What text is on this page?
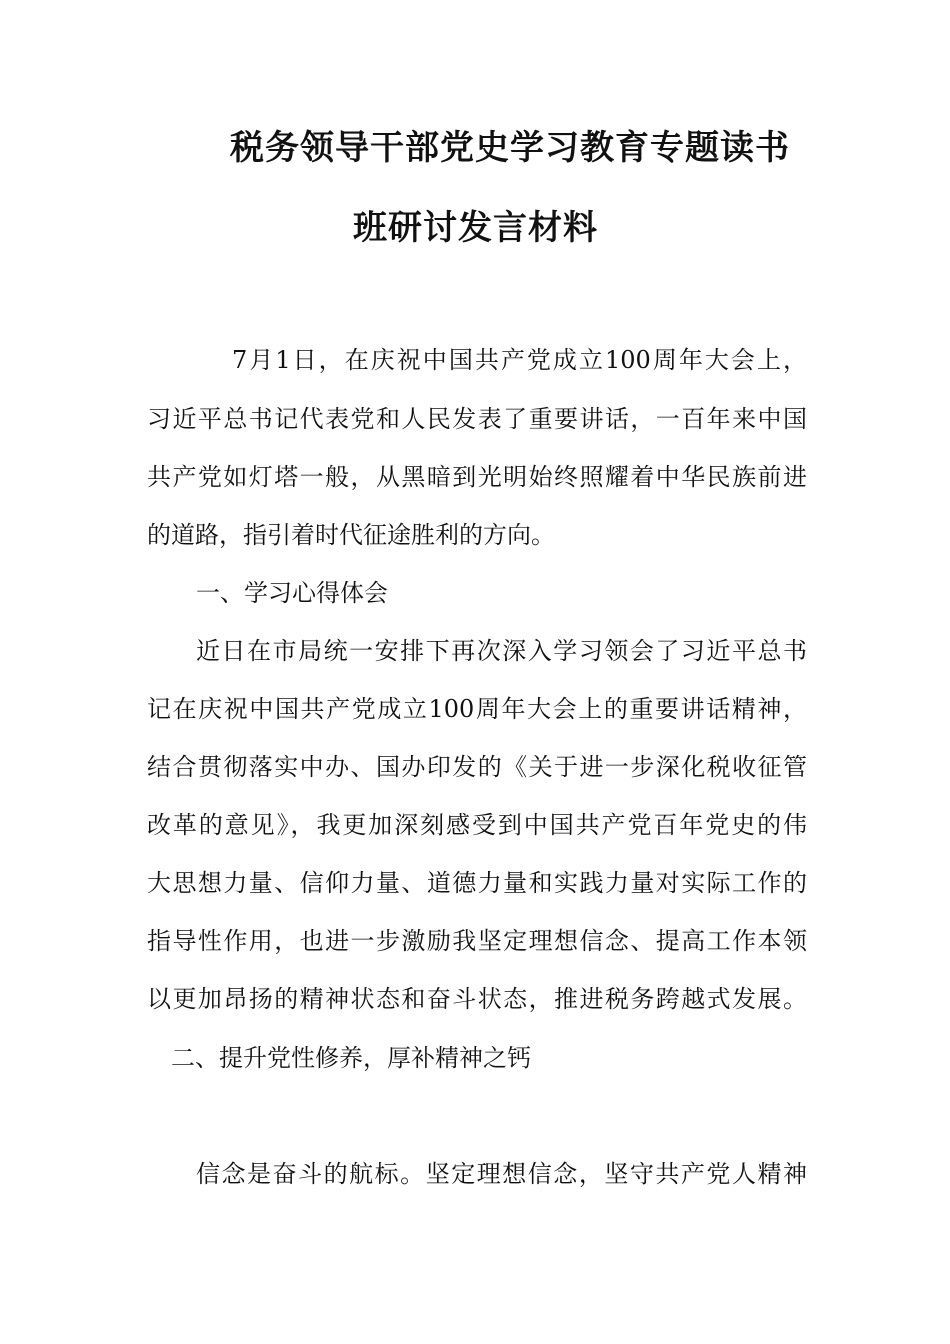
税务领导干部党史学习教育专题读书
班研讨发言材料
7月1日，在庆祝中国共产党成立100周年大会上，
习近平总书记代表党和人民发表了重要讲话，一百年来中国
共产党如灯塔一般，从黑暗到光明始终照耀着中华民族前进
的道路，指引着时代征途胜利的方向。
一、学习心得体会
近日在市局统一安排下再次深入学习领会了习近平总书
记在庆祝中国共产党成立100周年大会上的重要讲话精神，
结合贯彻落实中办、国办印发的《关于进一步深化税收征管
改革的意见》，我更加深刻感受到中国共产党百年党史的伟
大思想力量、信仰力量、道德力量和实践力量对实际工作的
指导性作用，也进一步激励我坚定理想信念、提高工作本领
以更加昂扬的精神状态和奋斗状态，推进税务跨越式发展。
二、提升党性修养，厚补精神之钙
信念是奋斗的航标。坚定理想信念，坚守共产党人精神
